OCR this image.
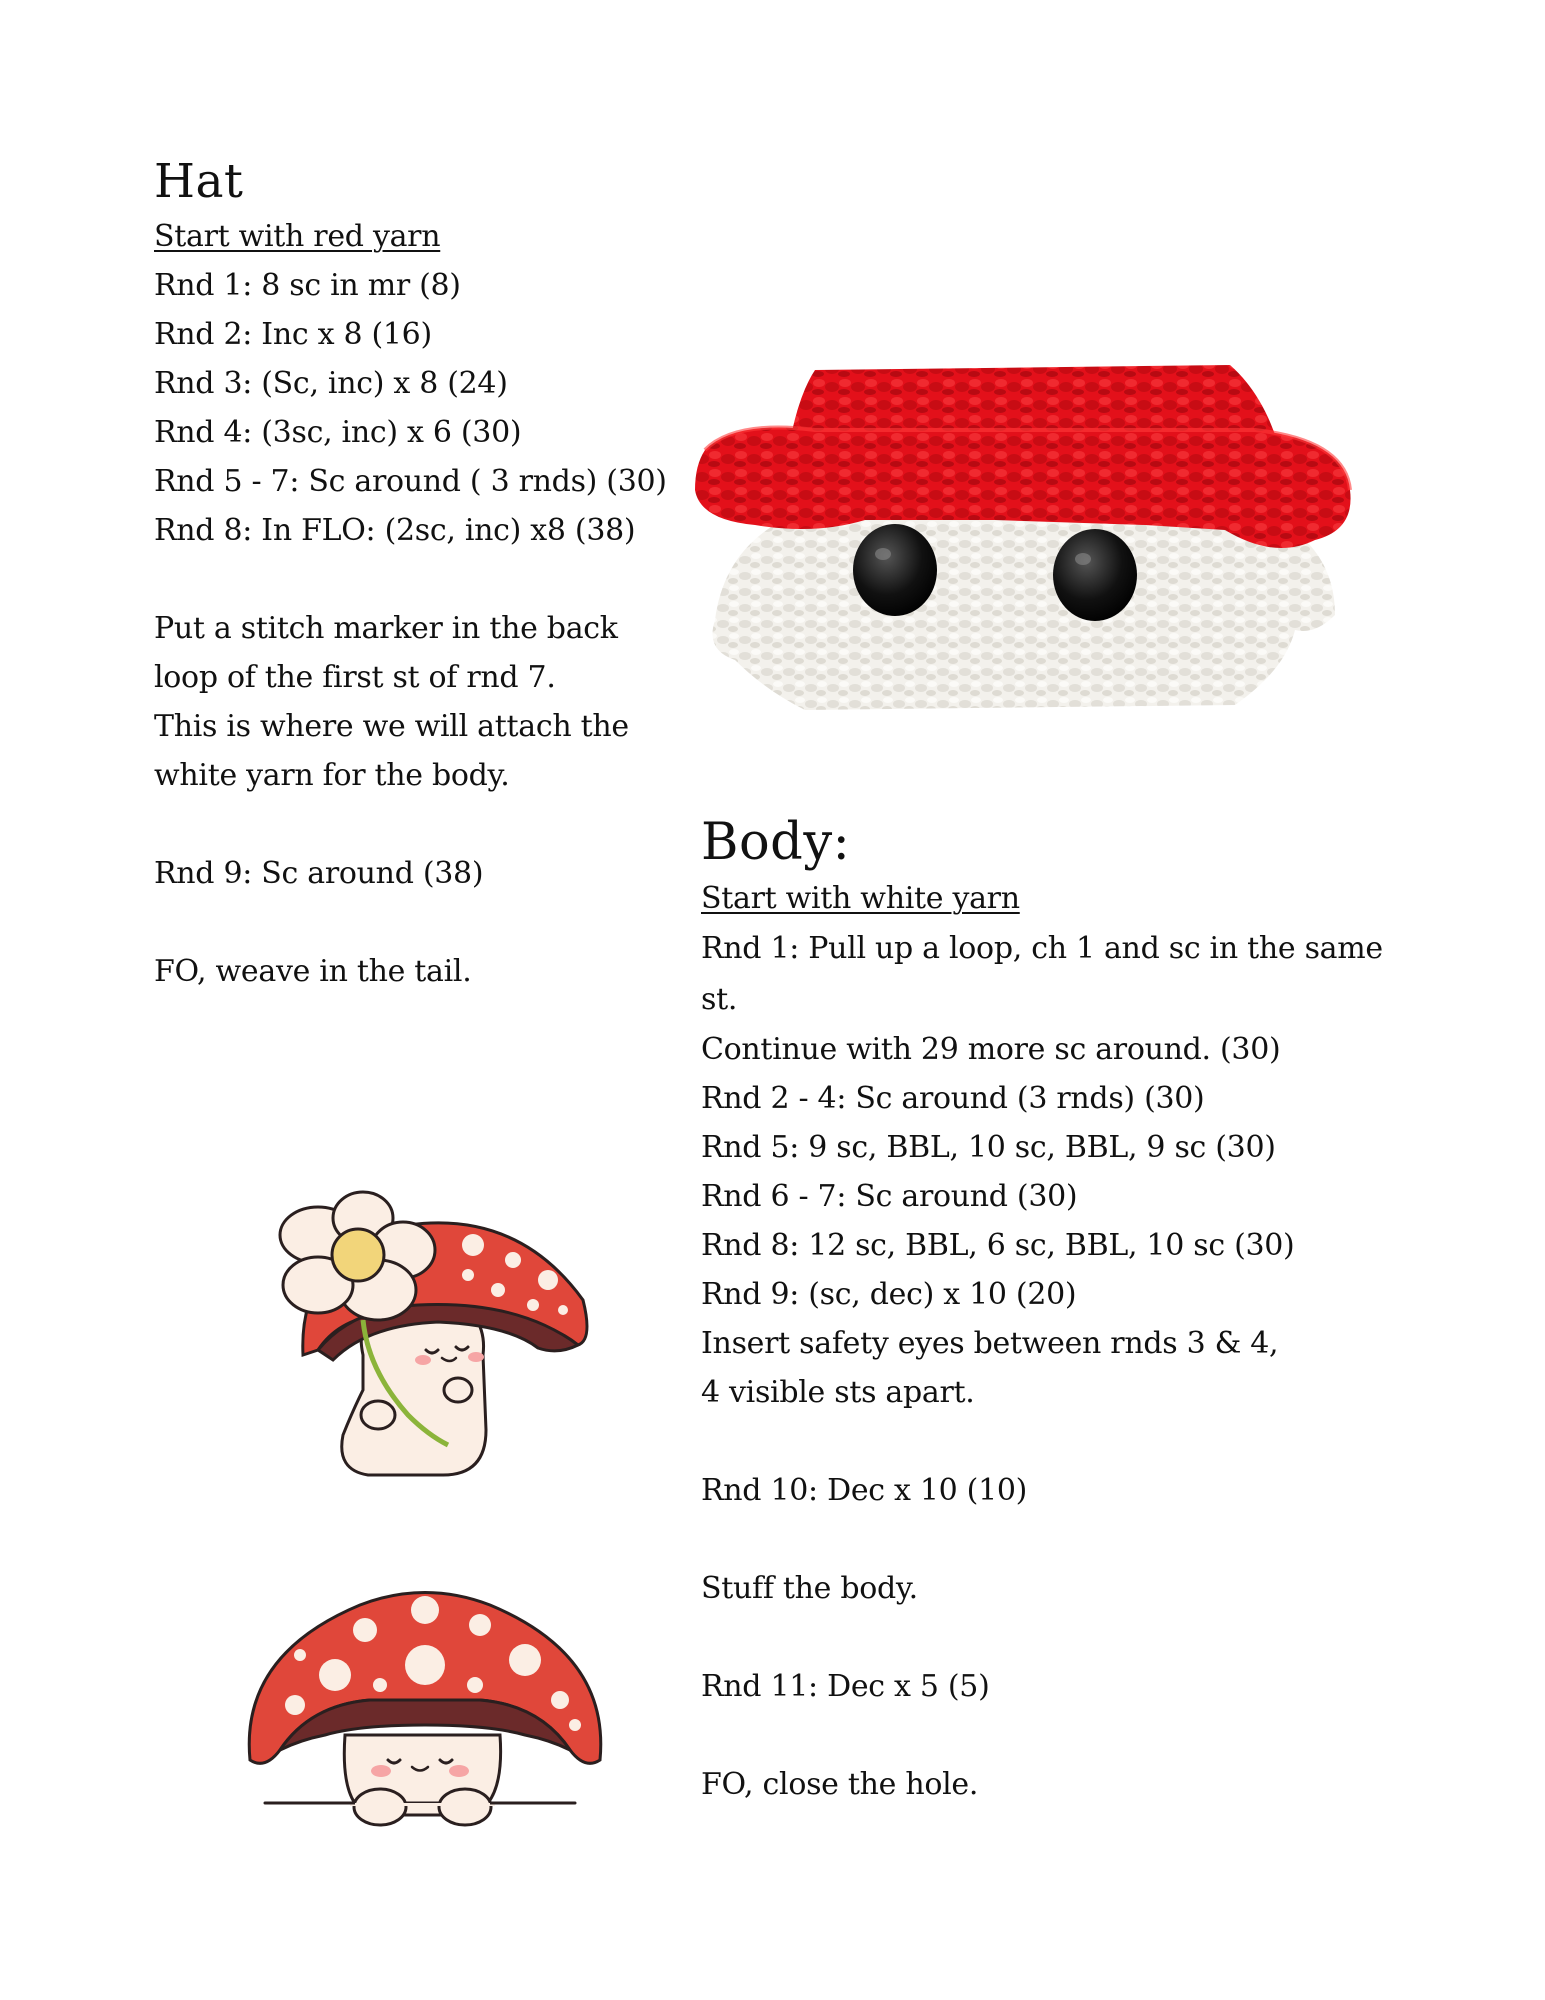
Hat
Start with red yarn
Rnd 1: 8 sc in mr (8)
Rnd 2: Inc x 8 (16)
Rnd 3: (Sc, inc) x 8 (24)
Rnd 4: (3sc, inc) x 6 (30)
Rnd 5 - 7: Sc around ( 3 rnds) (30)
Rnd 8: In FLO: (2sc, inc) x8 (38)
Put a stitch marker in the back
loop of the first st of rnd 7.
This is where we will attach the
white yarn for the body.
Rnd 9: Sc around (38)
FO, weave in the tail.
Body:
Start with white yarn
Rnd 1: Pull up a loop, ch 1 and sc in the same st.
Continue with 29 more sc around. (30)
Rnd 2 - 4: Sc around (3 rnds) (30)
Rnd 5: 9 sc, BBL, 10 sc, BBL, 9 sc (30)
Rnd 6 - 7: Sc around (30)
Rnd 8: 12 sc, BBL, 6 sc, BBL, 10 sc (30)
Rnd 9: (sc, dec) x 10 (20)
Insert safety eyes between rnds 3 & 4,
4 visible sts apart.
Rnd 10: Dec x 10 (10)
Stuff the body.
Rnd 11: Dec x 5 (5)
FO, close the hole.
